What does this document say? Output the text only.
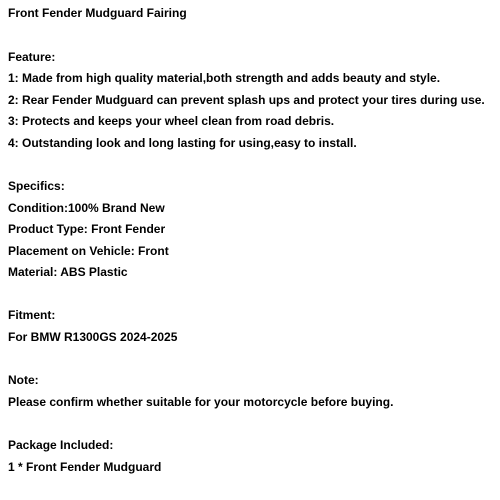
Front Fender Mudguard Fairing

Feature:

1: Made from high quality material,both strength and adds beauty and style.

2: Rear Fender Mudguard can prevent splash ups and protect your tires during use.

3: Protects and keeps your wheel clean from road debris.

4: Outstanding look and long lasting for using,easy to install.

Specifics:

Condition:100% Brand New

Product Type: Front Fender

Placement on Vehicle: Front

Material: ABS Plastic

Fitment:

For BMW R1300GS 2024-2025

Note:

Please confirm whether suitable for your motorcycle before buying.

Package Included:

1 * Front Fender Mudguard
